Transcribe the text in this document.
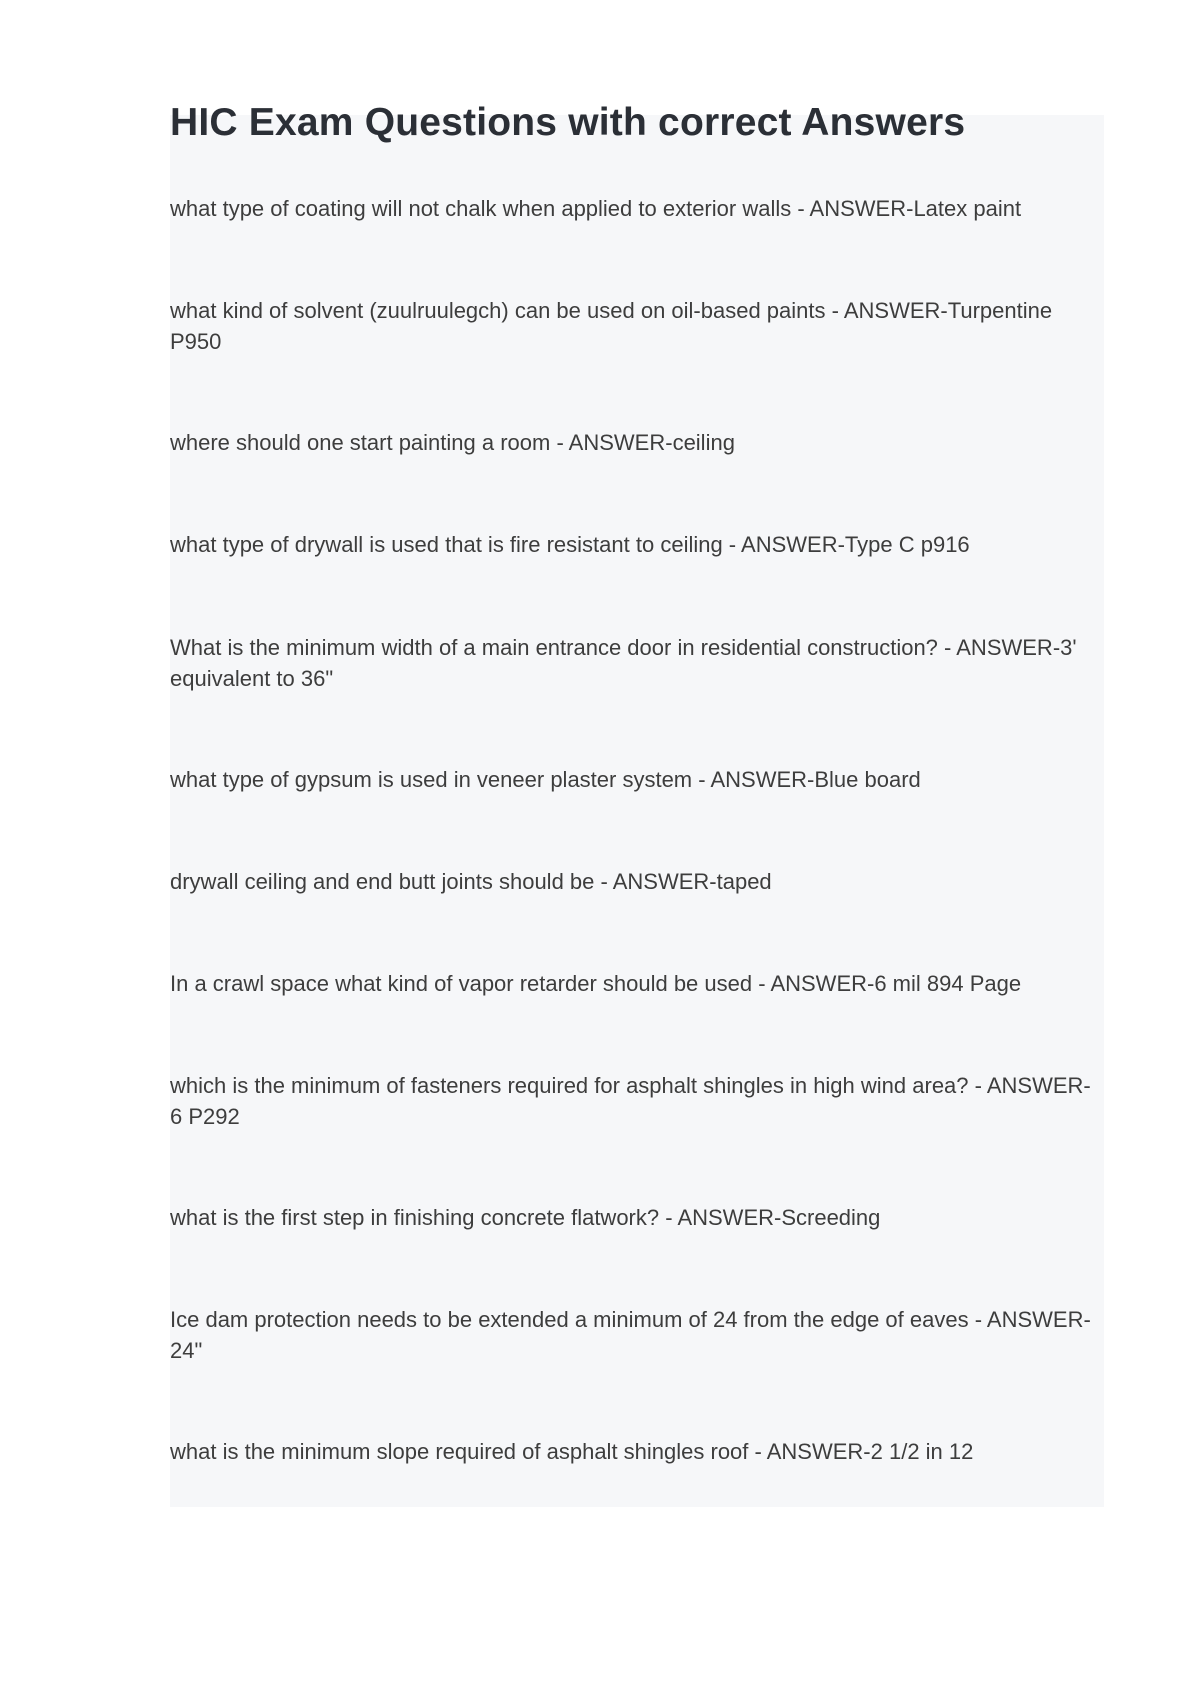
HIC Exam Questions with correct Answers

what type of coating will not chalk when applied to exterior walls - ANSWER-Latex paint

what kind of solvent (zuulruulegch) can be used on oil-based paints - ANSWER-Turpentine P950

where should one start painting a room - ANSWER-ceiling

what type of drywall is used that is fire resistant to ceiling - ANSWER-Type C p916

What is the minimum width of a main entrance door in residential construction? - ANSWER-3' equivalent to 36"

what type of gypsum is used in veneer plaster system - ANSWER-Blue board

drywall ceiling and end butt joints should be - ANSWER-taped

In a crawl space what kind of vapor retarder should be used - ANSWER-6 mil 894 Page

which is the minimum of fasteners required for asphalt shingles in high wind area? - ANSWER-6 P292

what is the first step in finishing concrete flatwork? - ANSWER-Screeding

Ice dam protection needs to be extended a minimum of 24 from the edge of eaves - ANSWER-24"

what is the minimum slope required of asphalt shingles roof - ANSWER-2 1/2 in 12
